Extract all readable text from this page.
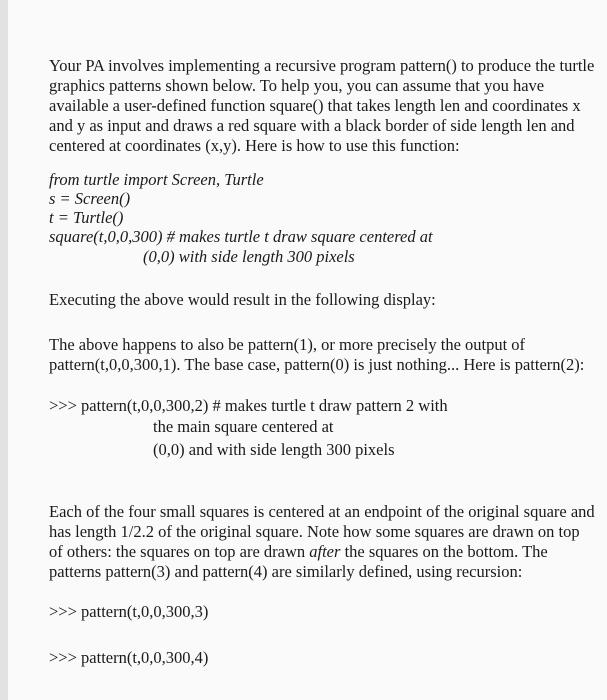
Your PA involves implementing a recursive program pattern() to produce the turtle
graphics patterns shown below. To help you, you can assume that you have
available a user-defined function square() that takes length len and coordinates x
and y as input and draws a red square with a black border of side length len and
centered at coordinates (x,y). Here is how to use this function:
from turtle import Screen, Turtle
s = Screen()
t = Turtle()
square(t,0,0,300) # makes turtle t draw square centered at
(0,0) with side length 300 pixels
Executing the above would result in the following display:
The above happens to also be pattern(1), or more precisely the output of
pattern(t,0,0,300,1). The base case, pattern(0) is just nothing... Here is pattern(2):
>>> pattern(t,0,0,300,2) # makes turtle t draw pattern 2 with
the main square centered at
(0,0) and with side length 300 pixels
Each of the four small squares is centered at an endpoint of the original square and
has length 1/2.2 of the original square. Note how some squares are drawn on top
of others: the squares on top are drawn after the squares on the bottom. The
patterns pattern(3) and pattern(4) are similarly defined, using recursion:
>>> pattern(t,0,0,300,3)
>>> pattern(t,0,0,300,4)
